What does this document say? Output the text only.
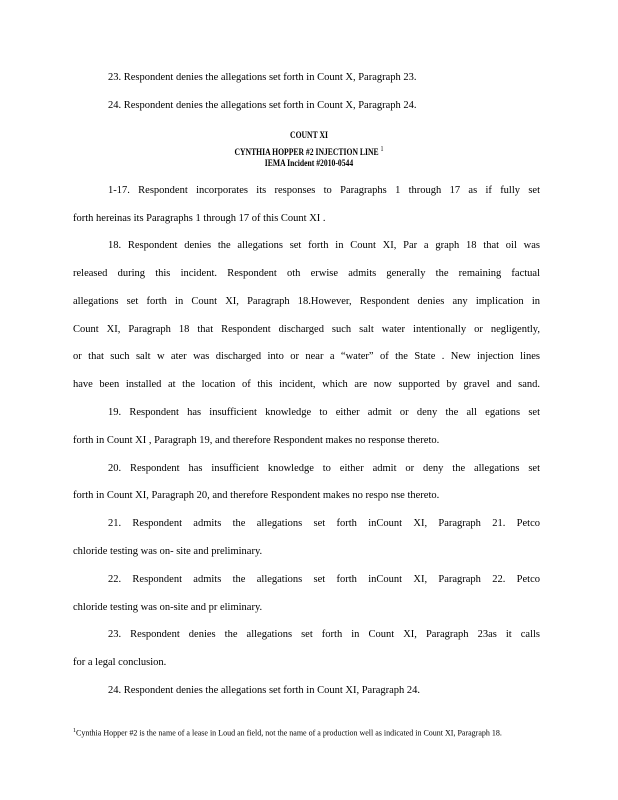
23. Respondent denies the allegations set forth in Count X, Paragraph 23.
24. Respondent denies the allegations set forth in Count X, Paragraph 24.
COUNT XI
CYNTHIA HOPPER #2 INJECTION LINE $^1$
IEMA Incident #2010-0544
1-17. Respondent incorporates its responses to Paragraphs 1 through 17 as if fully set
forth hereinas its Paragraphs 1 through 17 of this Count XI .
18. Respondent denies the allegations set forth in Count XI, Par a graph 18 that oil was
released during this incident. Respondent oth erwise admits generally the remaining factual
allegations set forth in Count XI, Paragraph 18.However, Respondent denies any implication in
Count XI, Paragraph 18 that Respondent discharged such salt water intentionally or negligently,
or that such salt w ater was discharged into or near a “water” of the State . New injection lines
have been installed at the location of this incident, which are now supported by gravel and sand.
19. Respondent has insufficient knowledge to either admit or deny the all egations set
forth in Count XI , Paragraph 19, and therefore Respondent makes no response thereto.
20. Respondent has insufficient knowledge to either admit or deny the allegations set
forth in Count XI, Paragraph 20, and therefore Respondent makes no respo nse thereto.
21. Respondent admits the allegations set forth inCount XI, Paragraph 21. Petco
chloride testing was on- site and preliminary.
22. Respondent admits the allegations set forth inCount XI, Paragraph 22. Petco
chloride testing was on-site and pr eliminary.
23. Respondent denies the allegations set forth in Count XI, Paragraph 23as it calls
for a legal conclusion.
24. Respondent denies the allegations set forth in Count XI, Paragraph 24.
$^1$Cynthia Hopper #2 is the name of a lease in Loud an field, not the name of a production well as indicated in Count XI, Paragraph 18.
